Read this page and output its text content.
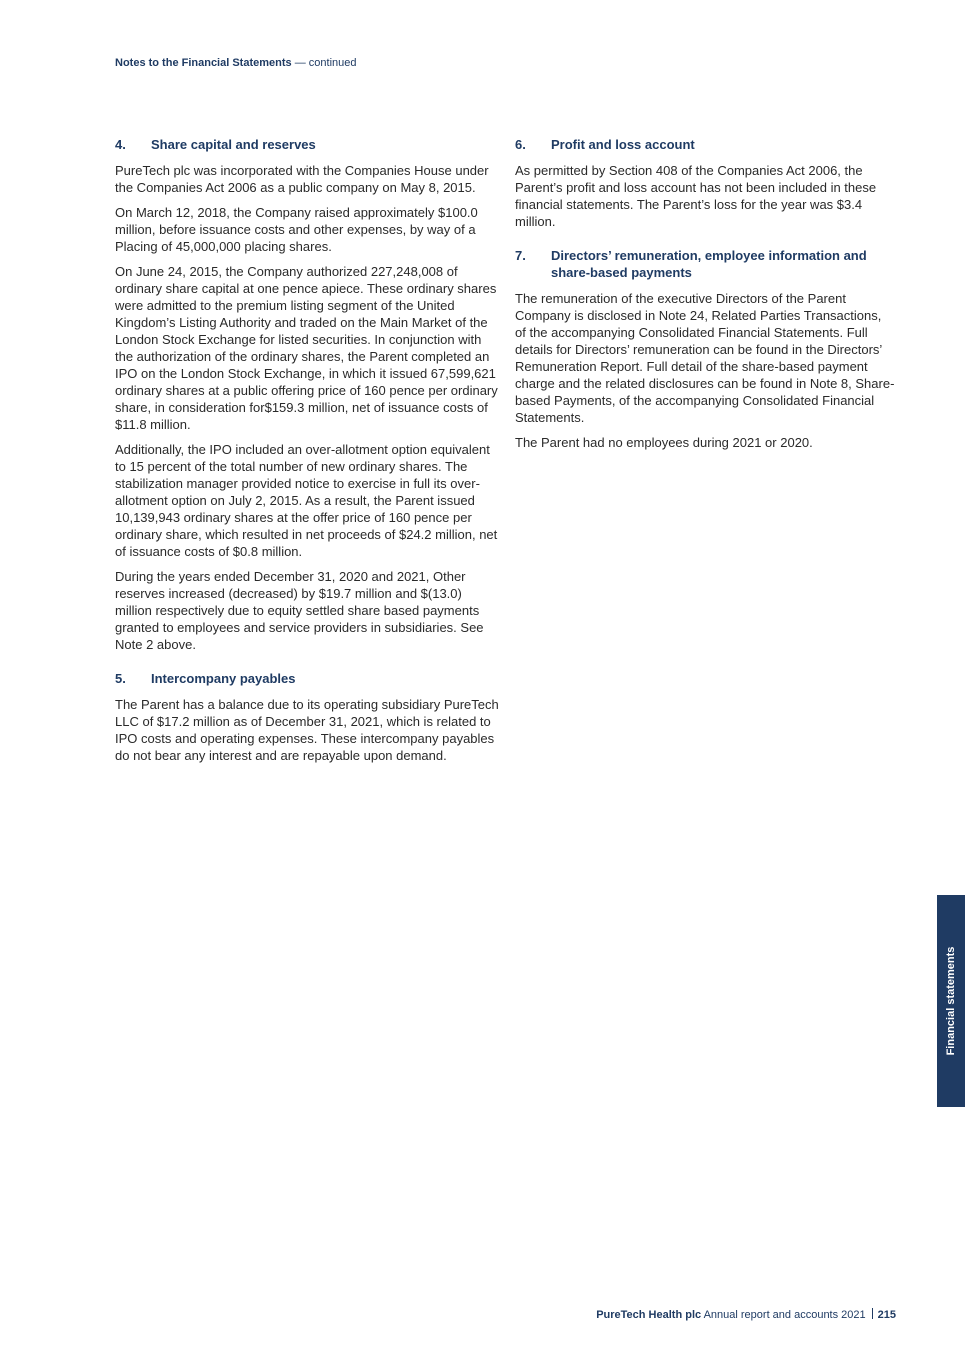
Notes to the Financial Statements — continued
4.	Share capital and reserves

PureTech plc was incorporated with the Companies House under the Companies Act 2006 as a public company on May 8, 2015.

On March 12, 2018, the Company raised approximately $100.0 million, before issuance costs and other expenses, by way of a Placing of 45,000,000 placing shares.

On June 24, 2015, the Company authorized 227,248,008 of ordinary share capital at one pence apiece. These ordinary shares were admitted to the premium listing segment of the United Kingdom’s Listing Authority and traded on the Main Market of the London Stock Exchange for listed securities. In conjunction with the authorization of the ordinary shares, the Parent completed an IPO on the London Stock Exchange, in which it issued 67,599,621 ordinary shares at a public offering price of 160 pence per ordinary share, in consideration for$159.3 million, net of issuance costs of $11.8 million.

Additionally, the IPO included an over-allotment option equivalent to 15 percent of the total number of new ordinary shares. The stabilization manager provided notice to exercise in full its over-allotment option on July 2, 2015. As a result, the Parent issued 10,139,943 ordinary shares at the offer price of 160 pence per ordinary share, which resulted in net proceeds of $24.2 million, net of issuance costs of $0.8 million.

During the years ended December 31, 2020 and 2021, Other reserves increased (decreased) by $19.7 million and $(13.0) million respectively due to equity settled share based payments granted to employees and service providers in subsidiaries. See Note 2 above.

5.	Intercompany payables

The Parent has a balance due to its operating subsidiary PureTech LLC of $17.2 million as of December 31, 2021, which is related to IPO costs and operating expenses. These intercompany payables do not bear any interest and are repayable upon demand.

6.	Profit and loss account

As permitted by Section 408 of the Companies Act 2006, the Parent’s profit and loss account has not been included in these financial statements. The Parent’s loss for the year was $3.4 million.

7.	Directors’ remuneration, employee information and share-based payments

The remuneration of the executive Directors of the Parent Company is disclosed in Note 24, Related Parties Transactions, of the accompanying Consolidated Financial Statements. Full details for Directors’ remuneration can be found in the Directors’ Remuneration Report. Full detail of the share-based payment charge and the related disclosures can be found in Note 8, Share-based Payments, of the accompanying Consolidated Financial Statements.

The Parent had no employees during 2021 or 2020.

Financial statements
PureTech Health plc Annual report and accounts 2021 215
